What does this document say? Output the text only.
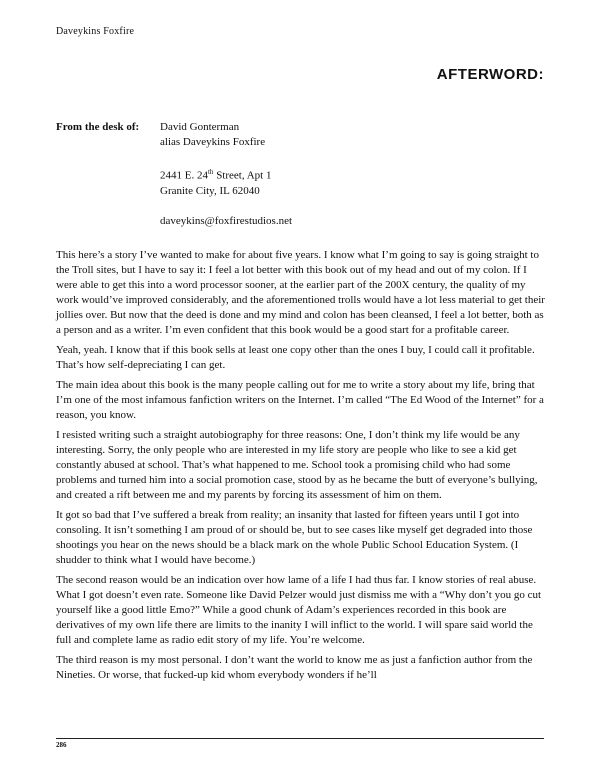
Daveykins Foxfire
AFTERWORD:
From the desk of: David Gonterman
alias Daveykins Foxfire
2441 E. 24th Street, Apt 1
Granite City, IL 62040
daveykins@foxfirestudios.net

This here’s a story I’ve wanted to make for about five years. I know what I’m going to say is going straight to the Troll sites, but I have to say it: I feel a lot better with this book out of my head and out of my colon. If I were able to get this into a word processor sooner, at the earlier part of the 200X century, the quality of my work would’ve improved considerably, and the aforementioned trolls would have a lot less material to get their jollies over. But now that the deed is done and my mind and colon has been cleansed, I feel a lot better, both as a person and as a writer. I’m even confident that this book would be a good start for a profitable career.

Yeah, yeah. I know that if this book sells at least one copy other than the ones I buy, I could call it profitable. That’s how self-depreciating I can get.

The main idea about this book is the many people calling out for me to write a story about my life, bring that I’m one of the most infamous fanfiction writers on the Internet. I’m called “The Ed Wood of the Internet” for a reason, you know.

I resisted writing such a straight autobiography for three reasons: One, I don’t think my life would be any interesting. Sorry, the only people who are interested in my life story are people who like to see a kid get constantly abused at school. That’s what happened to me. School took a promising child who had some problems and turned him into a social promotion case, stood by as he became the butt of everyone’s bullying, and created a rift between me and my parents by forcing its assessment of him on them.

It got so bad that I’ve suffered a break from reality; an insanity that lasted for fifteen years until I got into consoling. It isn’t something I am proud of or should be, but to see cases like myself get degraded into those shootings you hear on the news should be a black mark on the whole Public School Education System. (I shudder to think what I would have become.)

The second reason would be an indication over how lame of a life I had thus far. I know stories of real abuse. What I got doesn’t even rate. Someone like David Pelzer would just dismiss me with a “Why don’t you go cut yourself like a good little Emo?” While a good chunk of Adam’s experiences recorded in this book are derivatives of my own life there are limits to the inanity I will inflict to the world. I will spare said world the full and complete lame as radio edit story of my life. You’re welcome.

The third reason is my most personal. I don’t want the world to know me as just a fanfiction author from the Nineties. Or worse, that fucked-up kid whom everybody wonders if he’ll

286
